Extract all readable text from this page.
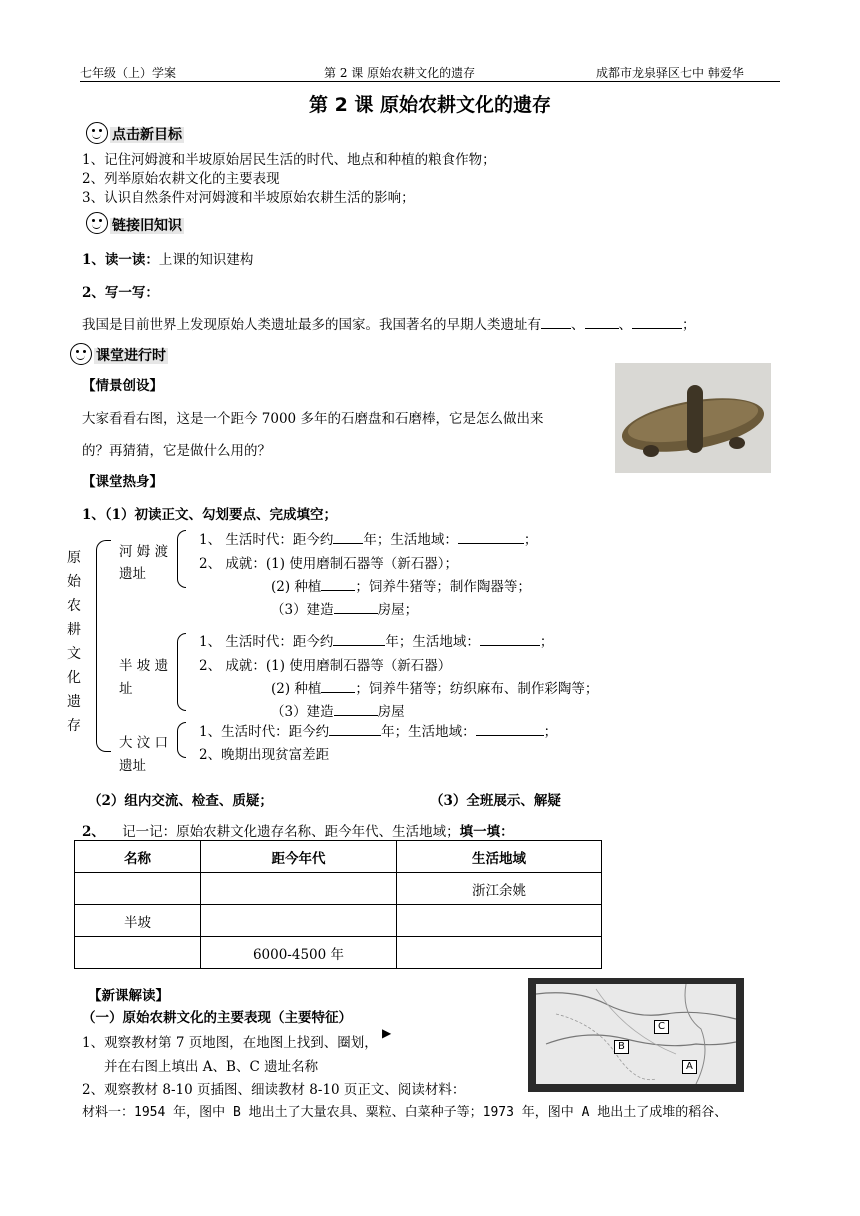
七年级（上）学案	第 2 课 原始农耕文化的遗存	成都市龙泉驿区七中 韩爱华
第 2 课 原始农耕文化的遗存
点击新目标
1、记住河姆渡和半坡原始居民生活的时代、地点和种植的粮食作物；
2、列举原始农耕文化的主要表现
3、认识自然条件对河姆渡和半坡原始农耕生活的影响；
链接旧知识
1、读一读：上课的知识建构
2、写一写：
我国是目前世界上发现原始人类遗址最多的国家。我国著名的早期人类遗址有 、	、	；
课堂进行时
【情景创设】
大家看看右图，这是一个距今 7000 多年的石磨盘和石磨棒，它是怎么做出来
的？再猜猜，它是做什么用的？
【课堂热身】
1、（1）初读正文、勾划要点、完成填空；
原始农耕文化遗存
河 姆 渡
遗址
1、 生活时代：距今约 年；生活地域：	；
2、 成就：(1) 使用磨制石器等（新石器）；
(2) 种植	；饲养牛猪等；制作陶器等；
（3）建造	房屋；
半 坡 遗
址
1、 生活时代：距今约	年；生活地域：	；
2、 成就：(1) 使用磨制石器等（新石器）
(2) 种植	；饲养牛猪等；纺织麻布、制作彩陶等；
（3）建造	房屋
大 汶 口
遗址
1、生活时代：距今约	年；生活地域：	；
2、晚期出现贫富差距
（2）组内交流、检查、质疑；	（3）全班展示、解疑
2、 记一记：原始农耕文化遗存名称、距今年代、生活地域；填一填：
名称	距今年代	生活地域
		浙江余姚
半坡		
	6000-4500 年	
【新课解读】
（一）原始农耕文化的主要表现（主要特征）
1、观察教材第 7 页地图，在地图上找到、圈划，
▶
并在右图上填出 A、B、C 遗址名称
2、观察教材 8-10 页插图、细读教材 8-10 页正文、阅读材料：
材料一：1954 年，图中 B 地出土了大量农具、粟粒、白菜种子等；1973 年，图中 A 地出土了成堆的稻谷、
C
B
A
